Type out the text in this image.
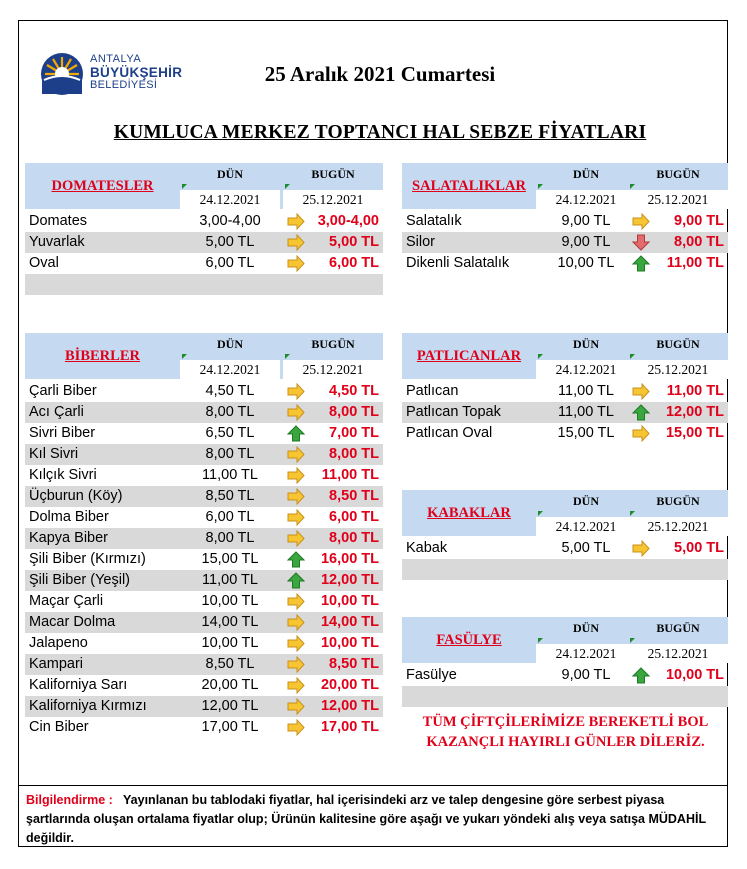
ANTALYA
BÜYÜKŞEHİR
BELEDİYESİ	25 Aralık 2021 Cumartesi
KUMLUCA MERKEZ TOPTANCI HAL SEBZE FİYATLARI
DOMATESLER
DÜN
24.12.2021
BUGÜN
25.12.2021
Domates	3,00-4,00	3,00-4,00
Yuvarlak	5,00 TL	5,00 TL
Oval	6,00 TL	6,00 TL
SALATALIKLAR
DÜN
24.12.2021
BUGÜN
25.12.2021
Salatalık	9,00 TL	9,00 TL
Silor	9,00 TL	8,00 TL
Dikenli Salatalık	10,00 TL	11,00 TL
BİBERLER
DÜN
24.12.2021
BUGÜN
25.12.2021
Çarli Biber	4,50 TL	4,50 TL
Acı Çarli	8,00 TL	8,00 TL
Sivri Biber	6,50 TL	7,00 TL
Kıl Sivri	8,00 TL	8,00 TL
Kılçık Sivri	11,00 TL	11,00 TL
Üçburun (Köy)	8,50 TL	8,50 TL
Dolma Biber	6,00 TL	6,00 TL
Kapya Biber	8,00 TL	8,00 TL
Şili Biber (Kırmızı)	15,00 TL	16,00 TL
Şili Biber (Yeşil)	11,00 TL	12,00 TL
Maçar Çarli	10,00 TL	10,00 TL
Macar Dolma	14,00 TL	14,00 TL
Jalapeno	10,00 TL	10,00 TL
Kampari	8,50 TL	8,50 TL
Kaliforniya Sarı	20,00 TL	20,00 TL
Kaliforniya Kırmızı	12,00 TL	12,00 TL
Cin Biber	17,00 TL	17,00 TL
PATLICANLAR
DÜN
24.12.2021
BUGÜN
25.12.2021
Patlıcan	11,00 TL	11,00 TL
Patlıcan Topak	11,00 TL	12,00 TL
Patlıcan Oval	15,00 TL	15,00 TL
KABAKLAR
DÜN
24.12.2021
BUGÜN
25.12.2021
Kabak	5,00 TL	5,00 TL
FASÜLYE
DÜN
24.12.2021
BUGÜN
25.12.2021
Fasülye	9,00 TL	10,00 TL
TÜM ÇİFTÇİLERİMİZE BEREKETLİ BOL KAZANÇLI HAYIRLI GÜNLER DİLERİZ.
Bilgilendirme : Yayınlanan bu tablodaki fiyatlar, hal içerisindeki arz ve talep dengesine göre serbest piyasa şartlarında oluşan ortalama fiyatlar olup; Ürünün kalitesine göre aşağı ve yukarı yöndeki alış veya satışa MÜDAHİL değildir.
